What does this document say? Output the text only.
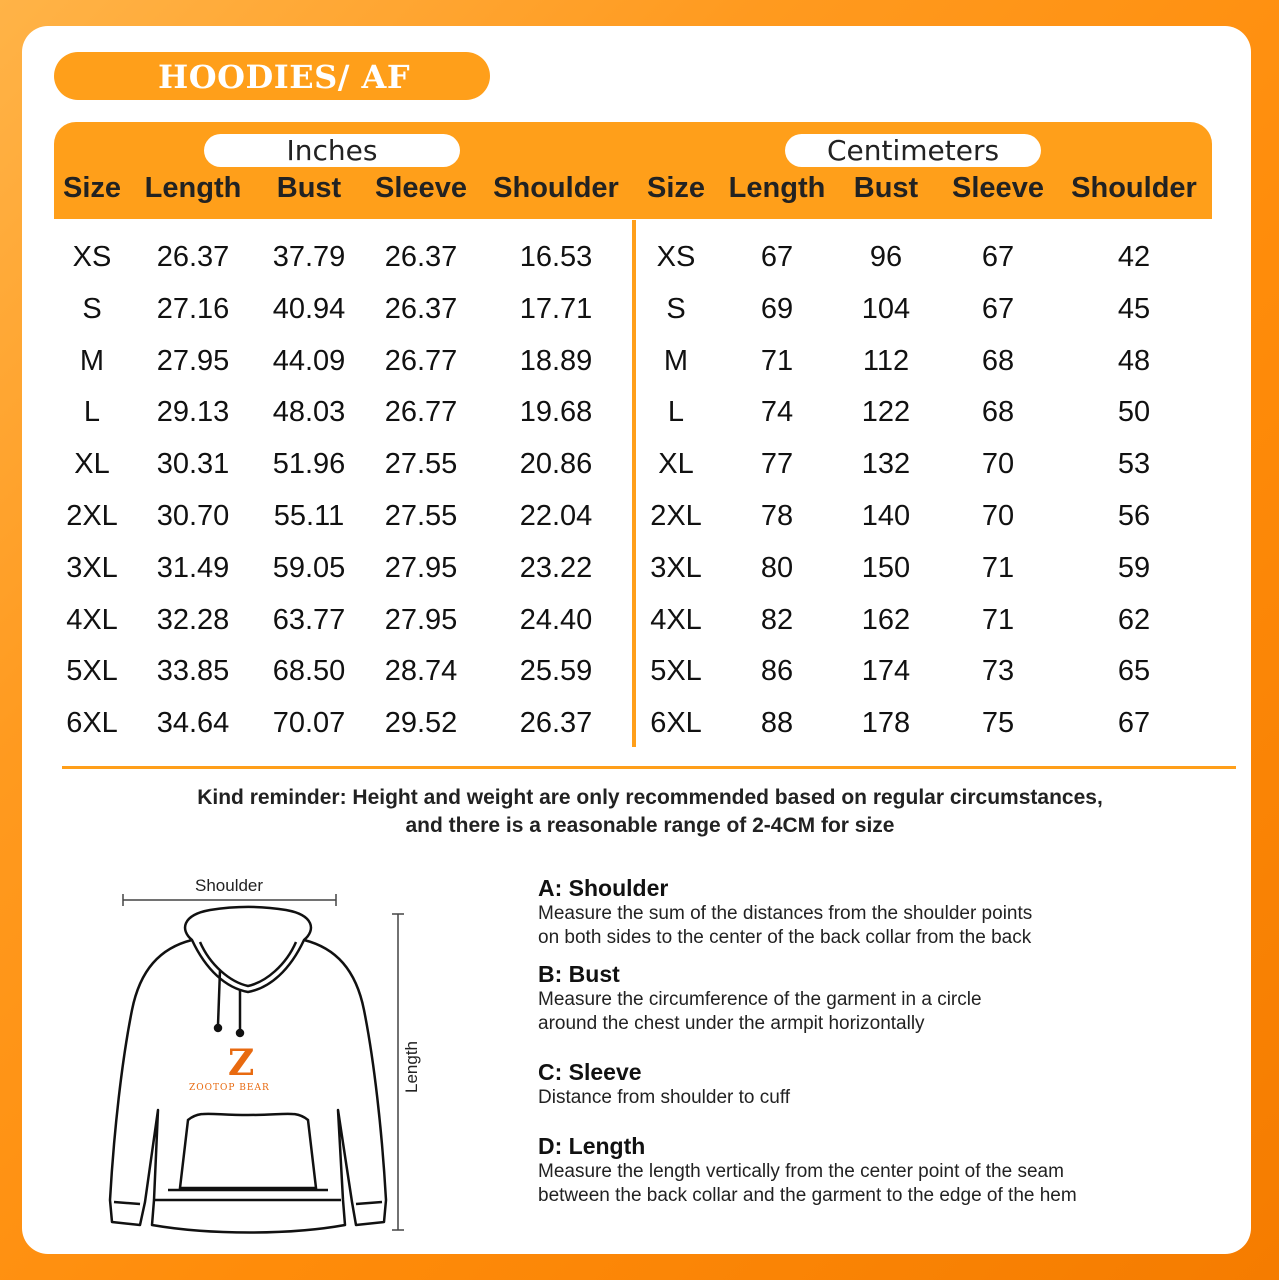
HOODIES/ AF
Inches	Centimeters
Size Length	Bust	Sleeve Shoulder Size Length Bust	Sleeve Shoulder
XS	26.37	37.79	26.37	16.53	XS	67	96	67	42
S	27.16	40.94	26.37	17.71	S	69	104	67	45
M	27.95	44.09	26.77	18.89	M	71	112	68	48
L	29.13	48.03	26.77	19.68	L	74	122	68	50
XL	30.31	51.96	27.55	20.86	XL	77	132	70	53
2XL	30.70	55.11	27.55	22.04	2XL	78	140	70	56
3XL	31.49	59.05	27.95	23.22	3XL	80	150	71	59
4XL	32.28	63.77	27.95	24.40	4XL	82	162	71	62
5XL	33.85	68.50	28.74	25.59	5XL	86	174	73	65
6XL	34.64	70.07	29.52	26.37	6XL	88	178	75	67
Kind reminder: Height and weight are only recommended based on regular circumstances,
and there is a reasonable range of 2-4CM for size
Z
Shoulder
Length
ZOOTOP BEAR
A: Shoulder

Measure the sum of the distances from the shoulder points
on both sides to the center of the back collar from the back

B: Bust

Measure the circumference of the garment in a circle
around the chest under the armpit horizontally

C: Sleeve

Distance from shoulder to cuff

D: Length

Measure the length vertically from the center point of the seam
between the back collar and the garment to the edge of the hem
